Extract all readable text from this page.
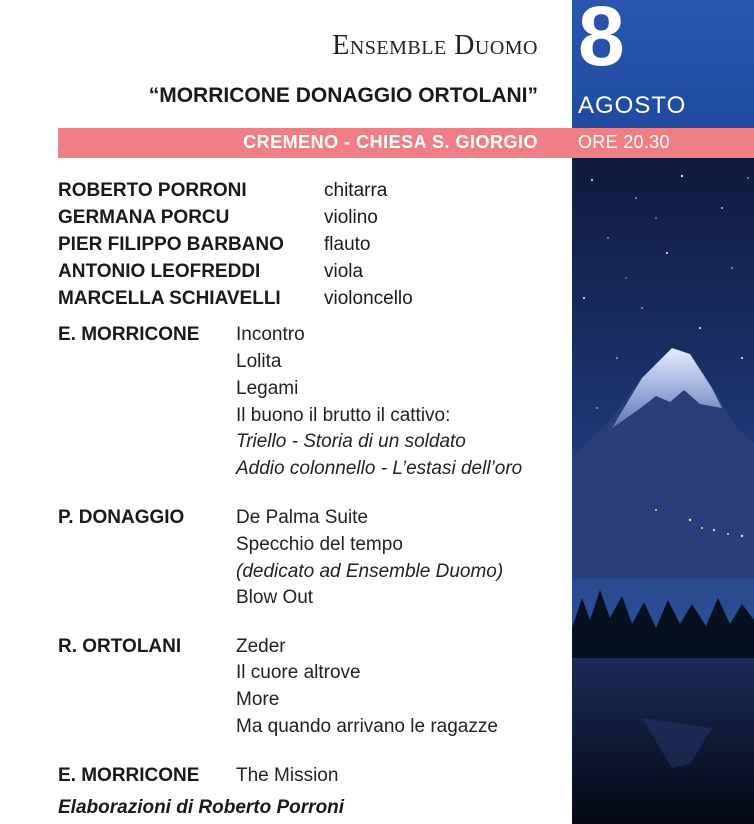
Ensemble Duomo
“MORRICONE DONAGGIO ORTOLANI”
8
AGOSTO
CREMENO - CHIESA S. GIORGIO ORE 20.30
ROBERTO PORRONI	chitarra
GERMANA PORCU	violino
PIER FILIPPO BARBANO flauto
ANTONIO LEOFREDDI	viola
MARCELLA SCHIAVELLI violoncello
E. MORRICONE Incontro
Lolita
Legami
Il buono il brutto il cattivo:
Triello - Storia di un soldato
Addio colonnello - L’estasi dell’oro
P. DONAGGIO	De Palma Suite
Specchio del tempo
(dedicato ad Ensemble Duomo)
Blow Out
R. ORTOLANI	Zeder
Il cuore altrove
More
Ma quando arrivano le ragazze
E. MORRICONE The Mission
Elaborazioni di Roberto Porroni
